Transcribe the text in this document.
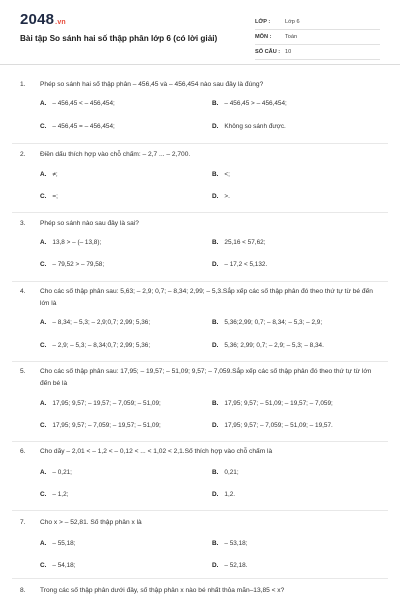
2048.vn
Bài tập So sánh hai số thập phân lớp 6 (có lời giải)
LỚP :	Lớp 6
MÔN : Toán
SỐ CÂU : 10
1. Phép so sánh hai số thập phân – 456,45 và – 456,454 nào sau đây là đúng?
A. – 456,45 < – 456,454;	B. – 456,45 > – 456,454;
C. – 456,45 = – 456,454;	D. Không so sánh được.
2. Điền dấu thích hợp vào chỗ chấm: – 2,7 ... – 2,700.
A. ≠;	B. <;
C. =;	D. >.
3. Phép so sánh nào sau đây là sai?
A. 13,8 > – (– 13,8);	B. 25,16 < 57,62;
C. – 79,52 > – 79,58;	D. – 17,2 < 5,132.
4. Cho các số thập phân sau: 5,63; – 2,9; 0,7; – 8,34; 2,99; – 5,3.Sắp xếp các số thập phân đó theo thứ tự từ bé đến lớn là
A. – 8,34; – 5,3; – 2,9;0,7; 2,99; 5,36;	B. 5,36;2,99; 0,7; – 8,34; – 5,3; – 2,9;
C. – 2,9; – 5,3; – 8,34;0,7; 2,99; 5,36;	D. 5,36; 2,99; 0,7; – 2,9; – 5,3; – 8,34.
5. Cho các số thập phân sau: 17,95; – 19,57; – 51,09; 9,57; – 7,059.Sắp xếp các số thập phân đó theo thứ tự từ lớn đến bé là
A. 17,95; 9,57; – 19,57; – 7,059; – 51,09;	B. 17,95; 9,57; – 51,09; – 19,57; – 7,059;
C. 17,95; 9,57; – 7,059; – 19,57; – 51,09;	D. 17,95; 9,57; – 7,059; – 51,09; – 19,57.
6. Cho dãy – 2,01 < – 1,2 < – 0,12 < ... < 1,02 < 2,1.Số thích hợp vào chỗ chấm là
A. – 0,21;	B. 0,21;
C. – 1,2;	D. 1,2.
7. Cho x > – 52,81. Số thập phân x là
A. – 55,18;	B. – 53,18;
C. – 54,18;	D. – 52,18.
8. Trong các số thập phân dưới đây, số thập phân x nào bé nhất thỏa mãn–13,85 < x?
